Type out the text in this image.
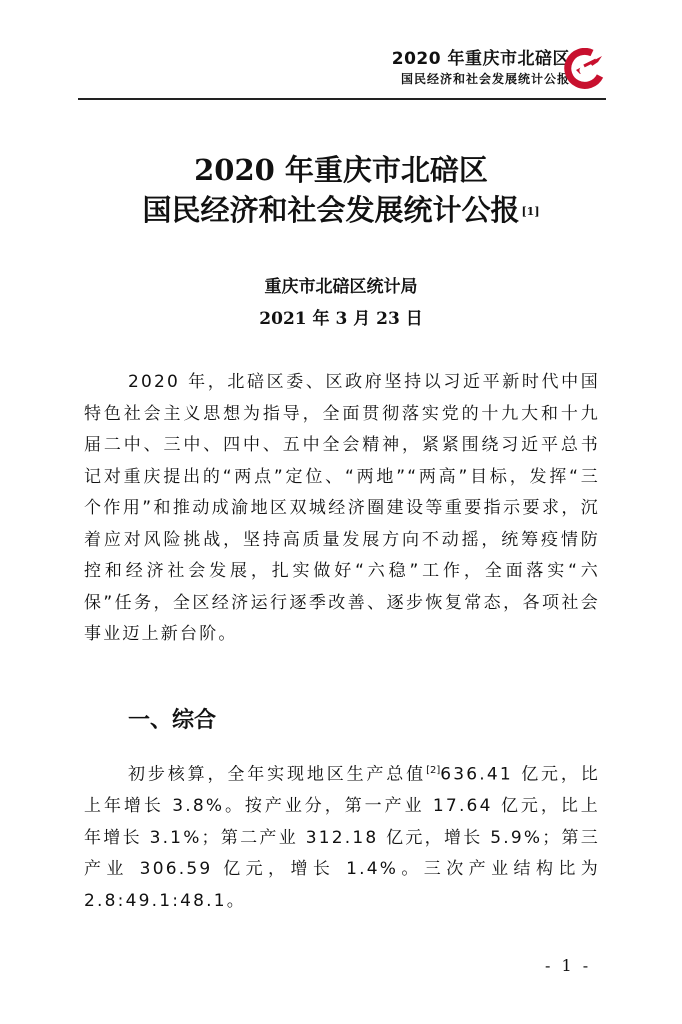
2020 年重庆市北碚区
国民经济和社会发展统计公报
2020 年重庆市北碚区
国民经济和社会发展统计公报 [1]
重庆市北碚区统计局
2021 年 3 月 23 日

2020 年，北碚区委、区政府坚持以习近平新时代中国特色社会主义思想为指导，全面贯彻落实党的十九大和十九届二中、三中、四中、五中全会精神，紧紧围绕习近平总书记对重庆提出的“两点”定位、“两地”“两高”目标，发挥“三个作用”和推动成渝地区双城经济圈建设等重要指示要求，沉着应对风险挑战，坚持高质量发展方向不动摇，统筹疫情防控和经济社会发展，扎实做好“六稳”工作，全面落实“六保”任务，全区经济运行逐季改善、逐步恢复常态，各项社会事业迈上新台阶。

一、综合

初步核算，全年实现地区生产总值[2]636.41 亿元，比上年增长 3.8%。按产业分，第一产业 17.64 亿元，比上年增长 3.1%；第二产业 312.18 亿元，增长 5.9%；第三产业 306.59 亿元，增长 1.4%。三次产业结构比为 2.8:49.1:48.1。

- 1 -
